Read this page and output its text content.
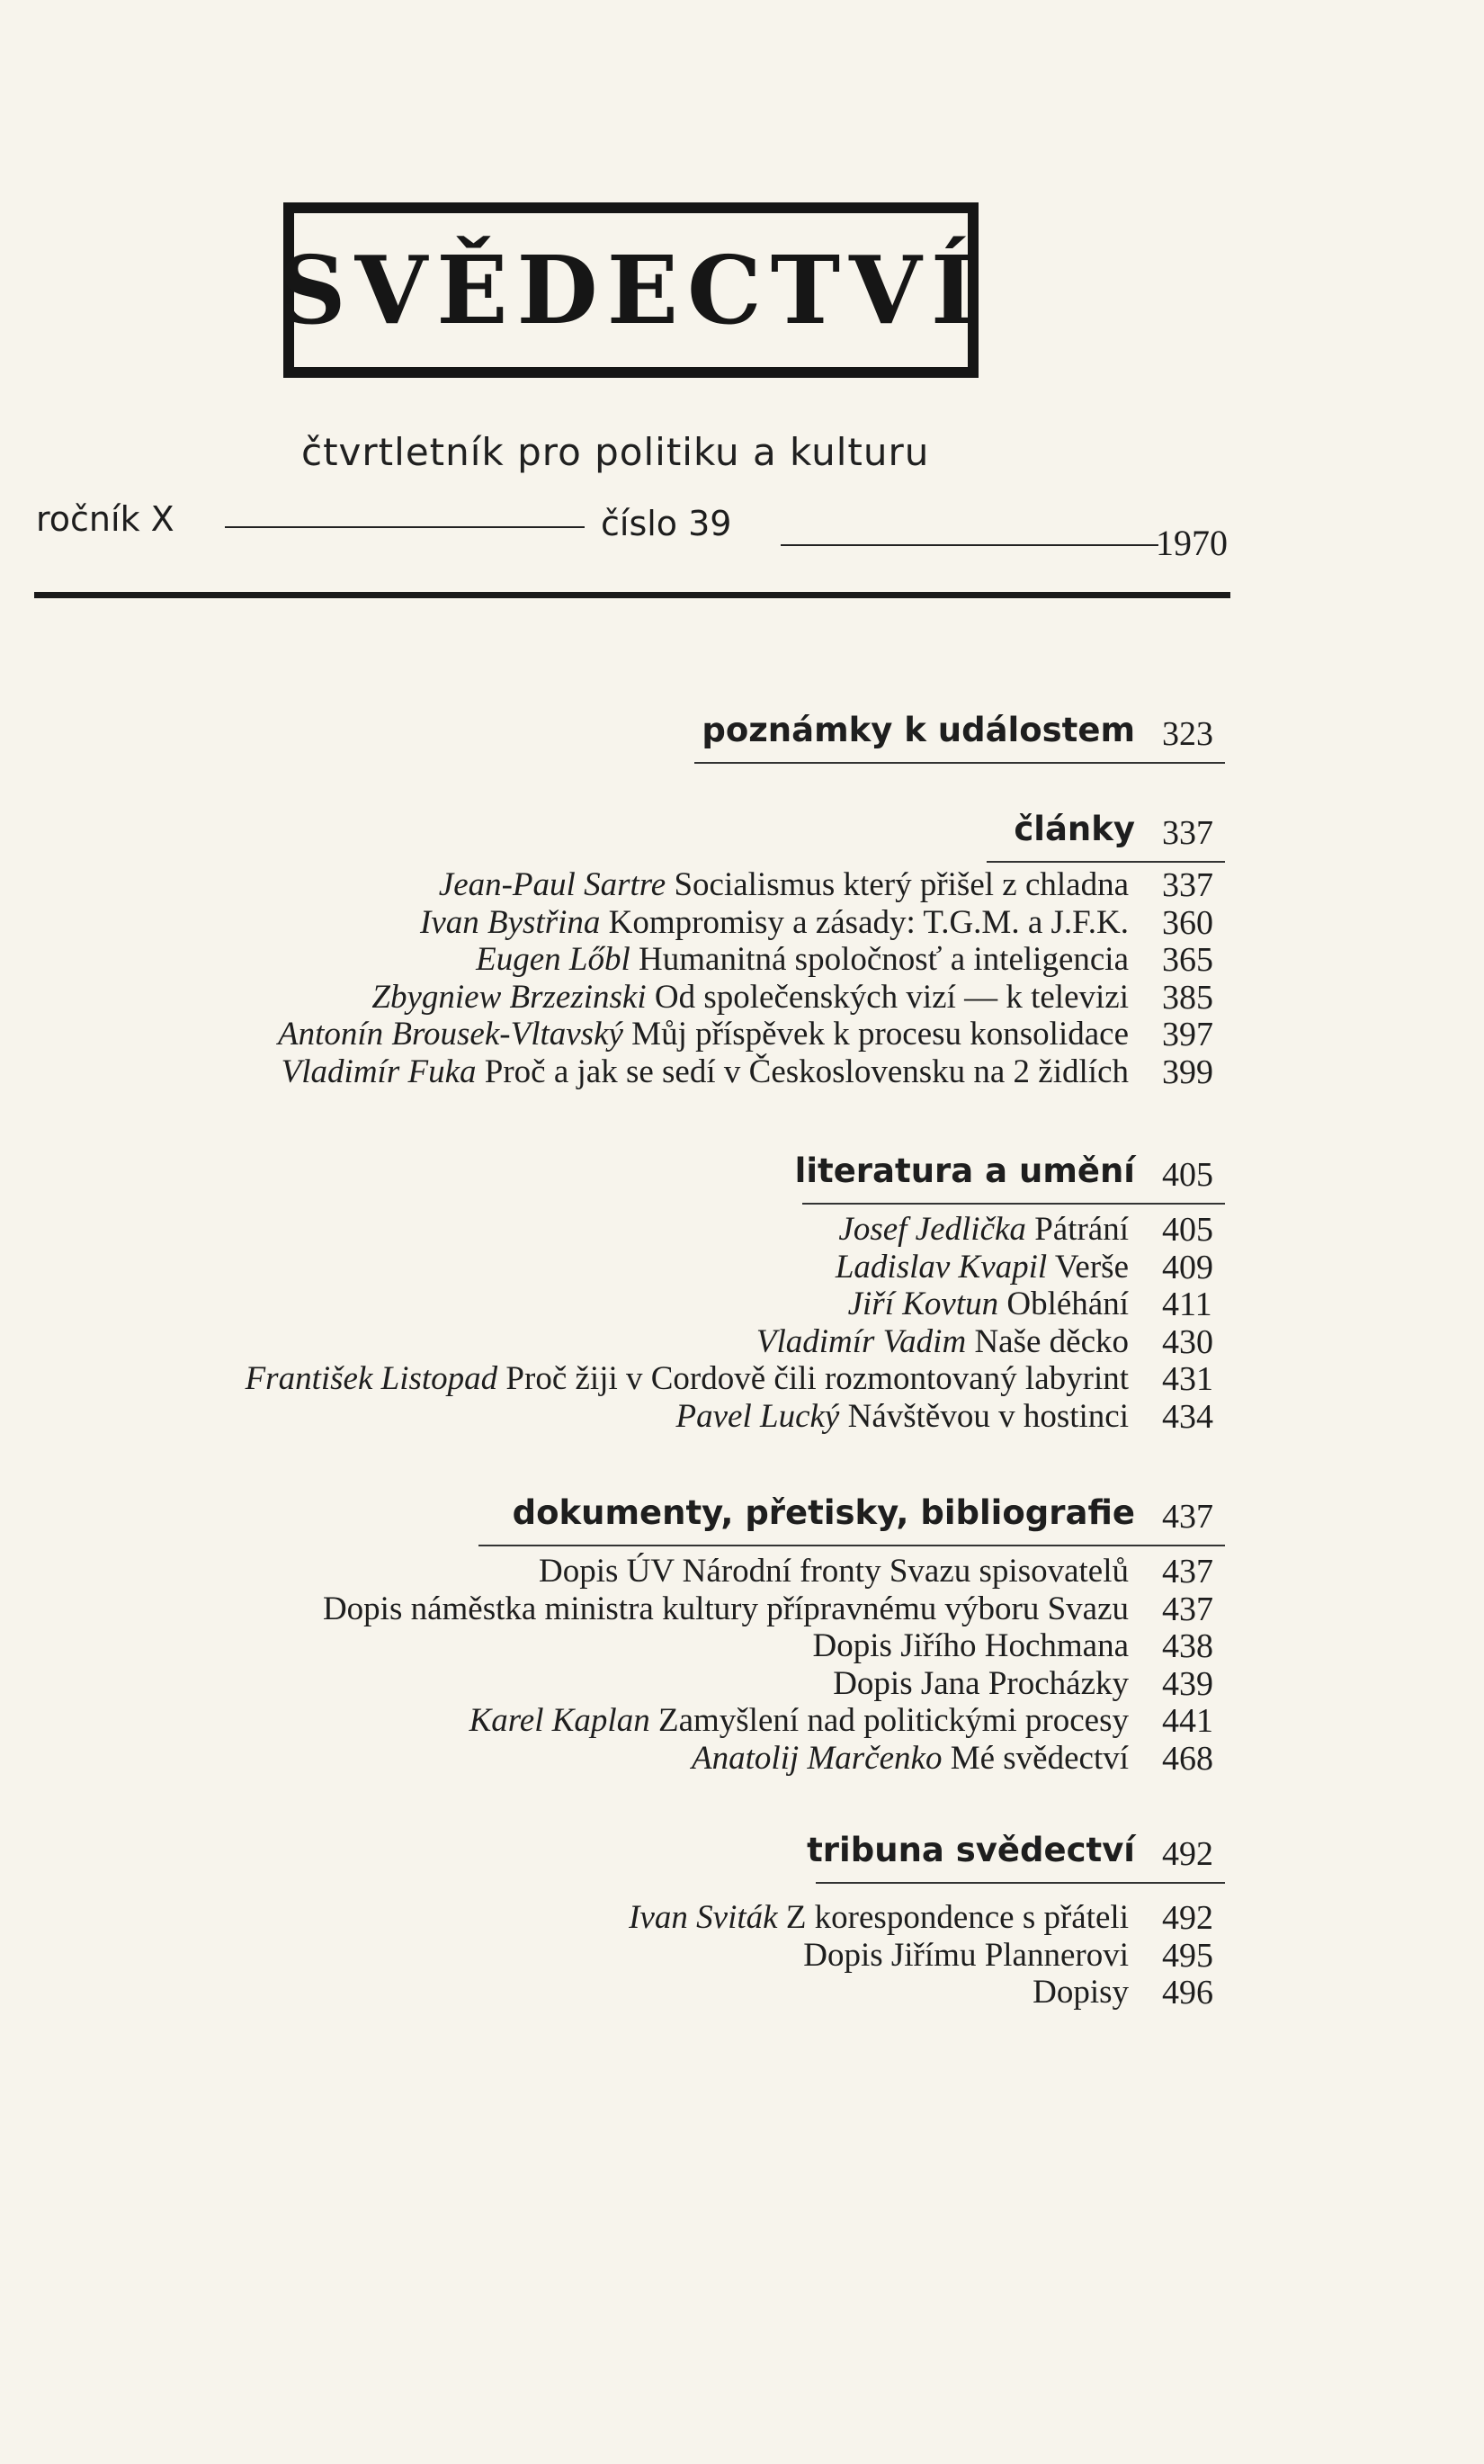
SVĚDECTVÍ
čtvrtletník pro politiku a kulturu
ročník X	číslo 39	1970
poznámky k událostem 323
články 337
Jean-Paul Sartre Socialismus který přišel z chladna 337
Ivan Bystřina Kompromisy a zásady: T.G.M. a J.F.K. 360
Eugen Lőbl Humanitná spoločnosť a inteligencia 365
Zbygniew Brzezinski Od společenských vizí — k televizi 385
Antonín Brousek-Vltavský Můj příspěvek k procesu konsolidace 397
Vladimír Fuka Proč a jak se sedí v Československu na 2 židlích 399
literatura a umění 405
Josef Jedlička Pátrání 405
Ladislav Kvapil Verše 409
Jiří Kovtun Obléhání 411
Vladimír Vadim Naše děcko 430
František Listopad Proč žiji v Cordově čili rozmontovaný labyrint 431
Pavel Lucký Návštěvou v hostinci 434
dokumenty, přetisky, bibliografie 437
Dopis ÚV Národní fronty Svazu spisovatelů 437
Dopis náměstka ministra kultury přípravnému výboru Svazu 437
Dopis Jiřího Hochmana 438
Dopis Jana Procházky 439
Karel Kaplan Zamyšlení nad politickými procesy 441
Anatolij Marčenko Mé svědectví 468
tribuna svědectví 492
Ivan Sviták Z korespondence s přáteli 492
Dopis Jiřímu Plannerovi 495
Dopisy 496
